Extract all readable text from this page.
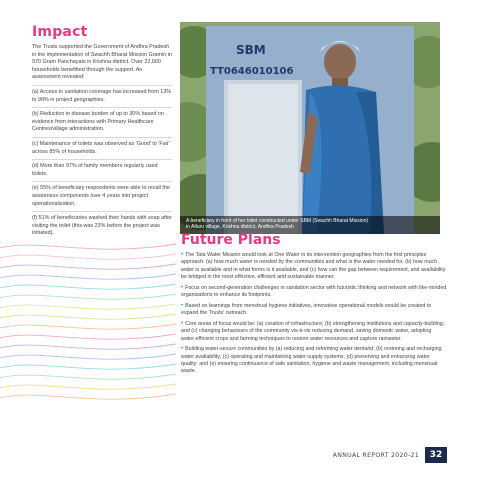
Impact

The Trusts supported the Government of Andhra Pradesh in the implementation of Swachh Bharat Mission Gramin in 970 Gram Panchayats in Krishna district. Over 22,000 households benefitted through the support. An assessment revealed:

(a) Access to sanitation coverage has increased from 13% to 99% in project geographies.

(b) Reduction in disease burden of up to 30% based on evidence from interactions with Primary Healthcare Centres/village administration.

(c) Maintenance of toilets was observed as 'Good' to 'Fair' across 85% of households.

(d) More than 97% of family members regularly used toilets.

(e) 55% of beneficiary respondents were able to recall the awareness components over 4 years into project operationalisation.

(f) 51% of beneficiaries washed their hands with soap after visiting the toilet (this was 23% before the project was initiated).

SBM
TT0646010106
A beneficiary in front of her toilet constructed under SBM (Swachh Bharat Mission)
in Atluru village, Krishna district, Andhra Pradesh
Future Plans
• The Tata Water Mission would look at One Water in its intervention geographies from the first principles approach: (a) how much water is needed by the communities and what is the water needed for, (b) how much water is available and in what forms is it available, and (c) how can the gap between requirement, and availability be bridged in the most effective, efficient and sustainable manner.
• Focus on second-generation challenges in sanitation sector with futuristic thinking and network with like-minded organisations to enhance its footprints.
• Based on learnings from menstrual hygiene initiatives, innovative operational models would be created to expand the Trusts' outreach.
• Core areas of focus would be: (a) creation of infrastructure; (b) strengthening institutions and capacity-building; and (c) changing behaviours of the community vis-à-vis reducing demand, saving domestic water, adopting water-efficient crops and farming techniques to restore water resources and capture rainwater.
• Building water-secure communities by (a) reducing and reforming water demand; (b) restoring and recharging water availability; (c) operating and maintaining water supply systems; (d) preserving and enhancing water quality; and (e) ensuring continuance of safe sanitation, hygiene and waste management, including menstrual waste.
ANNUAL REPORT 2020-21	32
